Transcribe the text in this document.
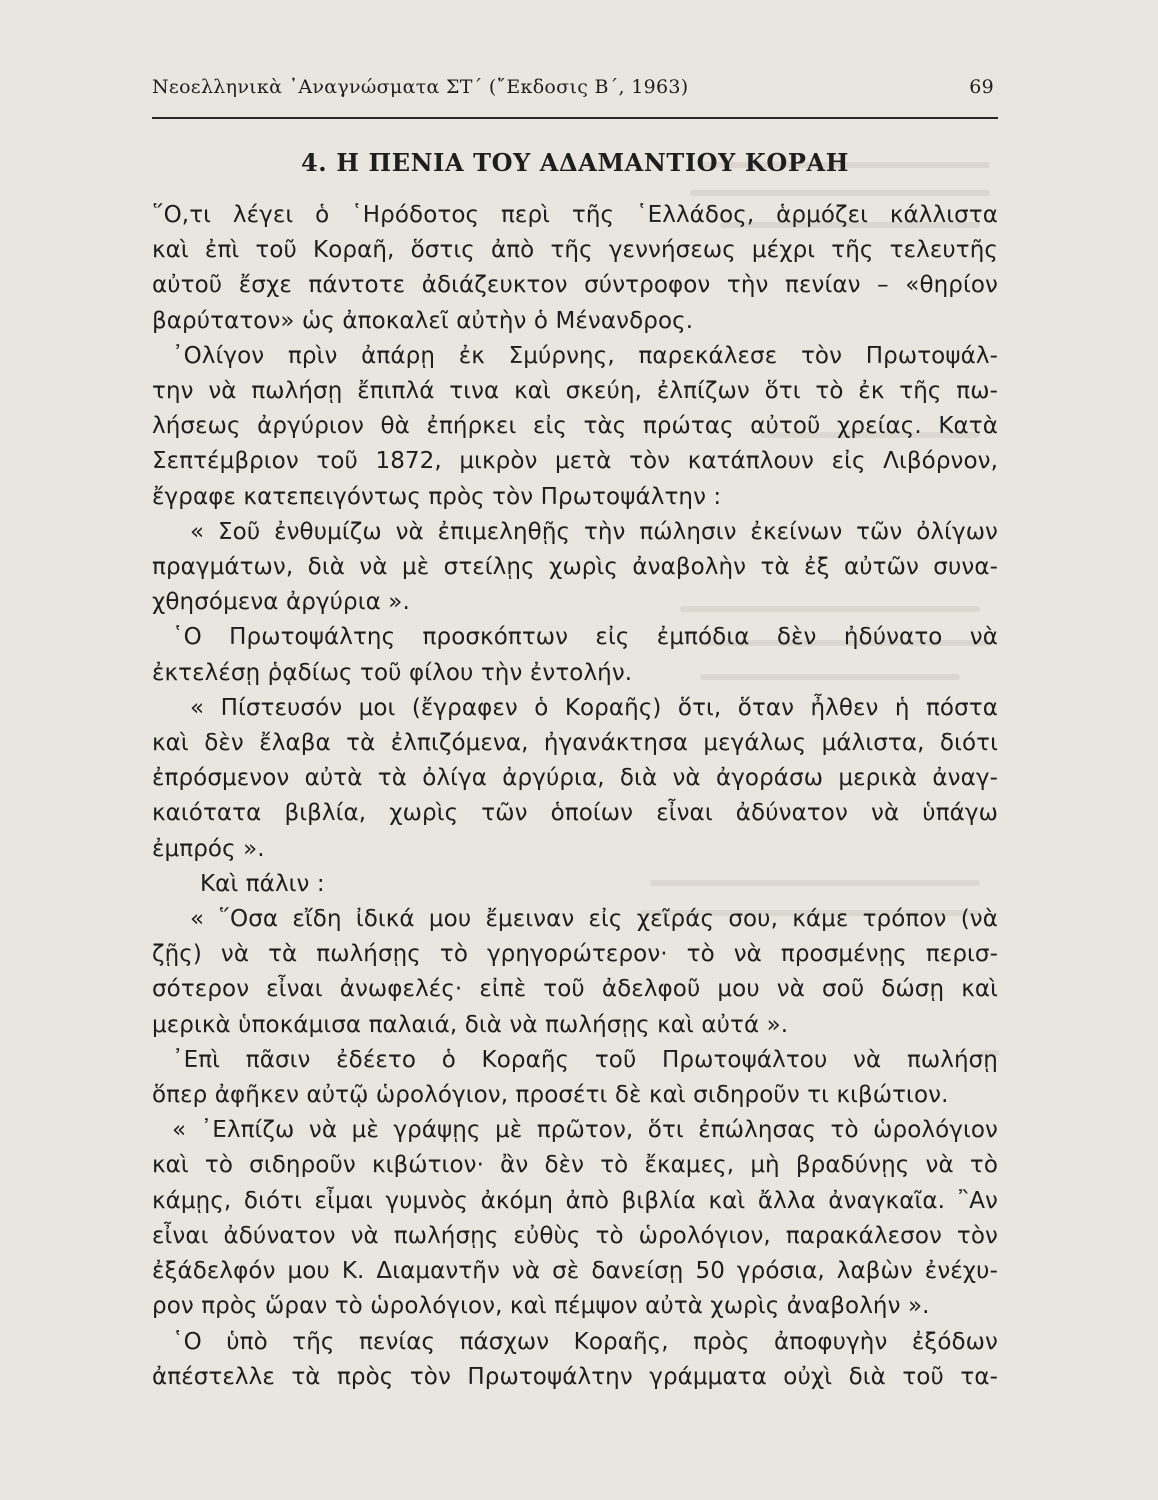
Νεοελληνικὰ ᾿Αναγνώσματα ΣΤ΄ (῎Εκδοσις Β΄, 1963)	69
4. Η ΠΕΝΙΑ ΤΟΥ ΑΔΑΜΑΝΤΙΟΥ ΚΟΡΑΗ

῞Ο,τι λέγει ὁ ῾Ηρόδοτος περὶ τῆς ῾Ελλάδος, ἁρμόζει κάλλιστα

καὶ ἐπὶ τοῦ Κοραῆ, ὅστις ἀπὸ τῆς γεννήσεως μέχρι τῆς τελευτῆς

αὐτοῦ ἔσχε πάντοτε ἀδιάζευκτον σύντροφον τὴν πενίαν – «θηρίον

βαρύτατον» ὡς ἀποκαλεῖ αὐτὴν ὁ Μένανδρος.

᾿Ολίγον πρὶν ἀπάρῃ ἐκ Σμύρνης, παρεκάλεσε τὸν Πρωτοψάλ-

την νὰ πωλήσῃ ἔπιπλά τινα καὶ σκεύη, ἐλπίζων ὅτι τὸ ἐκ τῆς πω-

λήσεως ἀργύριον θὰ ἐπήρκει εἰς τὰς πρώτας αὐτοῦ χρείας. Κατὰ

Σεπτέμβριον τοῦ 1872, μικρὸν μετὰ τὸν κατάπλουν εἰς Λιβόρνον,

ἔγραφε κατεπειγόντως πρὸς τὸν Πρωτοψάλτην :

« Σοῦ ἐνθυμίζω νὰ ἐπιμεληθῇς τὴν πώλησιν ἐκείνων τῶν ὀλίγων

πραγμάτων, διὰ νὰ μὲ στείλῃς χωρὶς ἀναβολὴν τὰ ἐξ αὐτῶν συνα-

χθησόμενα ἀργύρια ».

῾Ο Πρωτοψάλτης προσκόπτων εἰς ἐμπόδια δὲν ἠδύνατο νὰ

ἐκτελέσῃ ῥᾳδίως τοῦ φίλου τὴν ἐντολήν.

« Πίστευσόν μοι (ἔγραφεν ὁ Κοραῆς) ὅτι, ὅταν ἦλθεν ἡ πόστα

καὶ δὲν ἔλαβα τὰ ἐλπιζόμενα, ἠγανάκτησα μεγάλως μάλιστα, διότι

ἐπρόσμενον αὐτὰ τὰ ὀλίγα ἀργύρια, διὰ νὰ ἀγοράσω μερικὰ ἀναγ-

καιότατα βιβλία, χωρὶς τῶν ὁποίων εἶναι ἀδύνατον νὰ ὑπάγω

ἐμπρός ».

Καὶ πάλιν :

« ῞Οσα εἴδη ἰδικά μου ἔμειναν εἰς χεῖράς σου, κάμε τρόπον (νὰ

ζῇς) νὰ τὰ πωλήσῃς τὸ γρηγορώτερον· τὸ νὰ προσμένῃς περισ-

σότερον εἶναι ἀνωφελές· εἰπὲ τοῦ ἀδελφοῦ μου νὰ σοῦ δώσῃ καὶ

μερικὰ ὑποκάμισα παλαιά, διὰ νὰ πωλήσῃς καὶ αὐτά ».

᾿Επὶ πᾶσιν ἐδέετο ὁ Κοραῆς τοῦ Πρωτοψάλτου νὰ πωλήσῃ

ὅπερ ἀφῆκεν αὐτῷ ὡρολόγιον, προσέτι δὲ καὶ σιδηροῦν τι κιβώτιον.

« ᾿Ελπίζω νὰ μὲ γράψῃς μὲ πρῶτον, ὅτι ἐπώλησας τὸ ὡρολόγιον

καὶ τὸ σιδηροῦν κιβώτιον· ἂν δὲν τὸ ἔκαμες, μὴ βραδύνῃς νὰ τὸ

κάμῃς, διότι εἶμαι γυμνὸς ἀκόμη ἀπὸ βιβλία καὶ ἄλλα ἀναγκαῖα. ῍Αν

εἶναι ἀδύνατον νὰ πωλήσῃς εὐθὺς τὸ ὡρολόγιον, παρακάλεσον τὸν

ἐξάδελφόν μου Κ. Διαμαντῆν νὰ σὲ δανείσῃ 50 γρόσια, λαβὼν ἐνέχυ-

ρον πρὸς ὥραν τὸ ὡρολόγιον, καὶ πέμψον αὐτὰ χωρὶς ἀναβολήν ».

῾Ο ὑπὸ τῆς πενίας πάσχων Κοραῆς, πρὸς ἀποφυγὴν ἐξόδων

ἀπέστελλε τὰ πρὸς τὸν Πρωτοψάλτην γράμματα οὐχὶ διὰ τοῦ τα-
